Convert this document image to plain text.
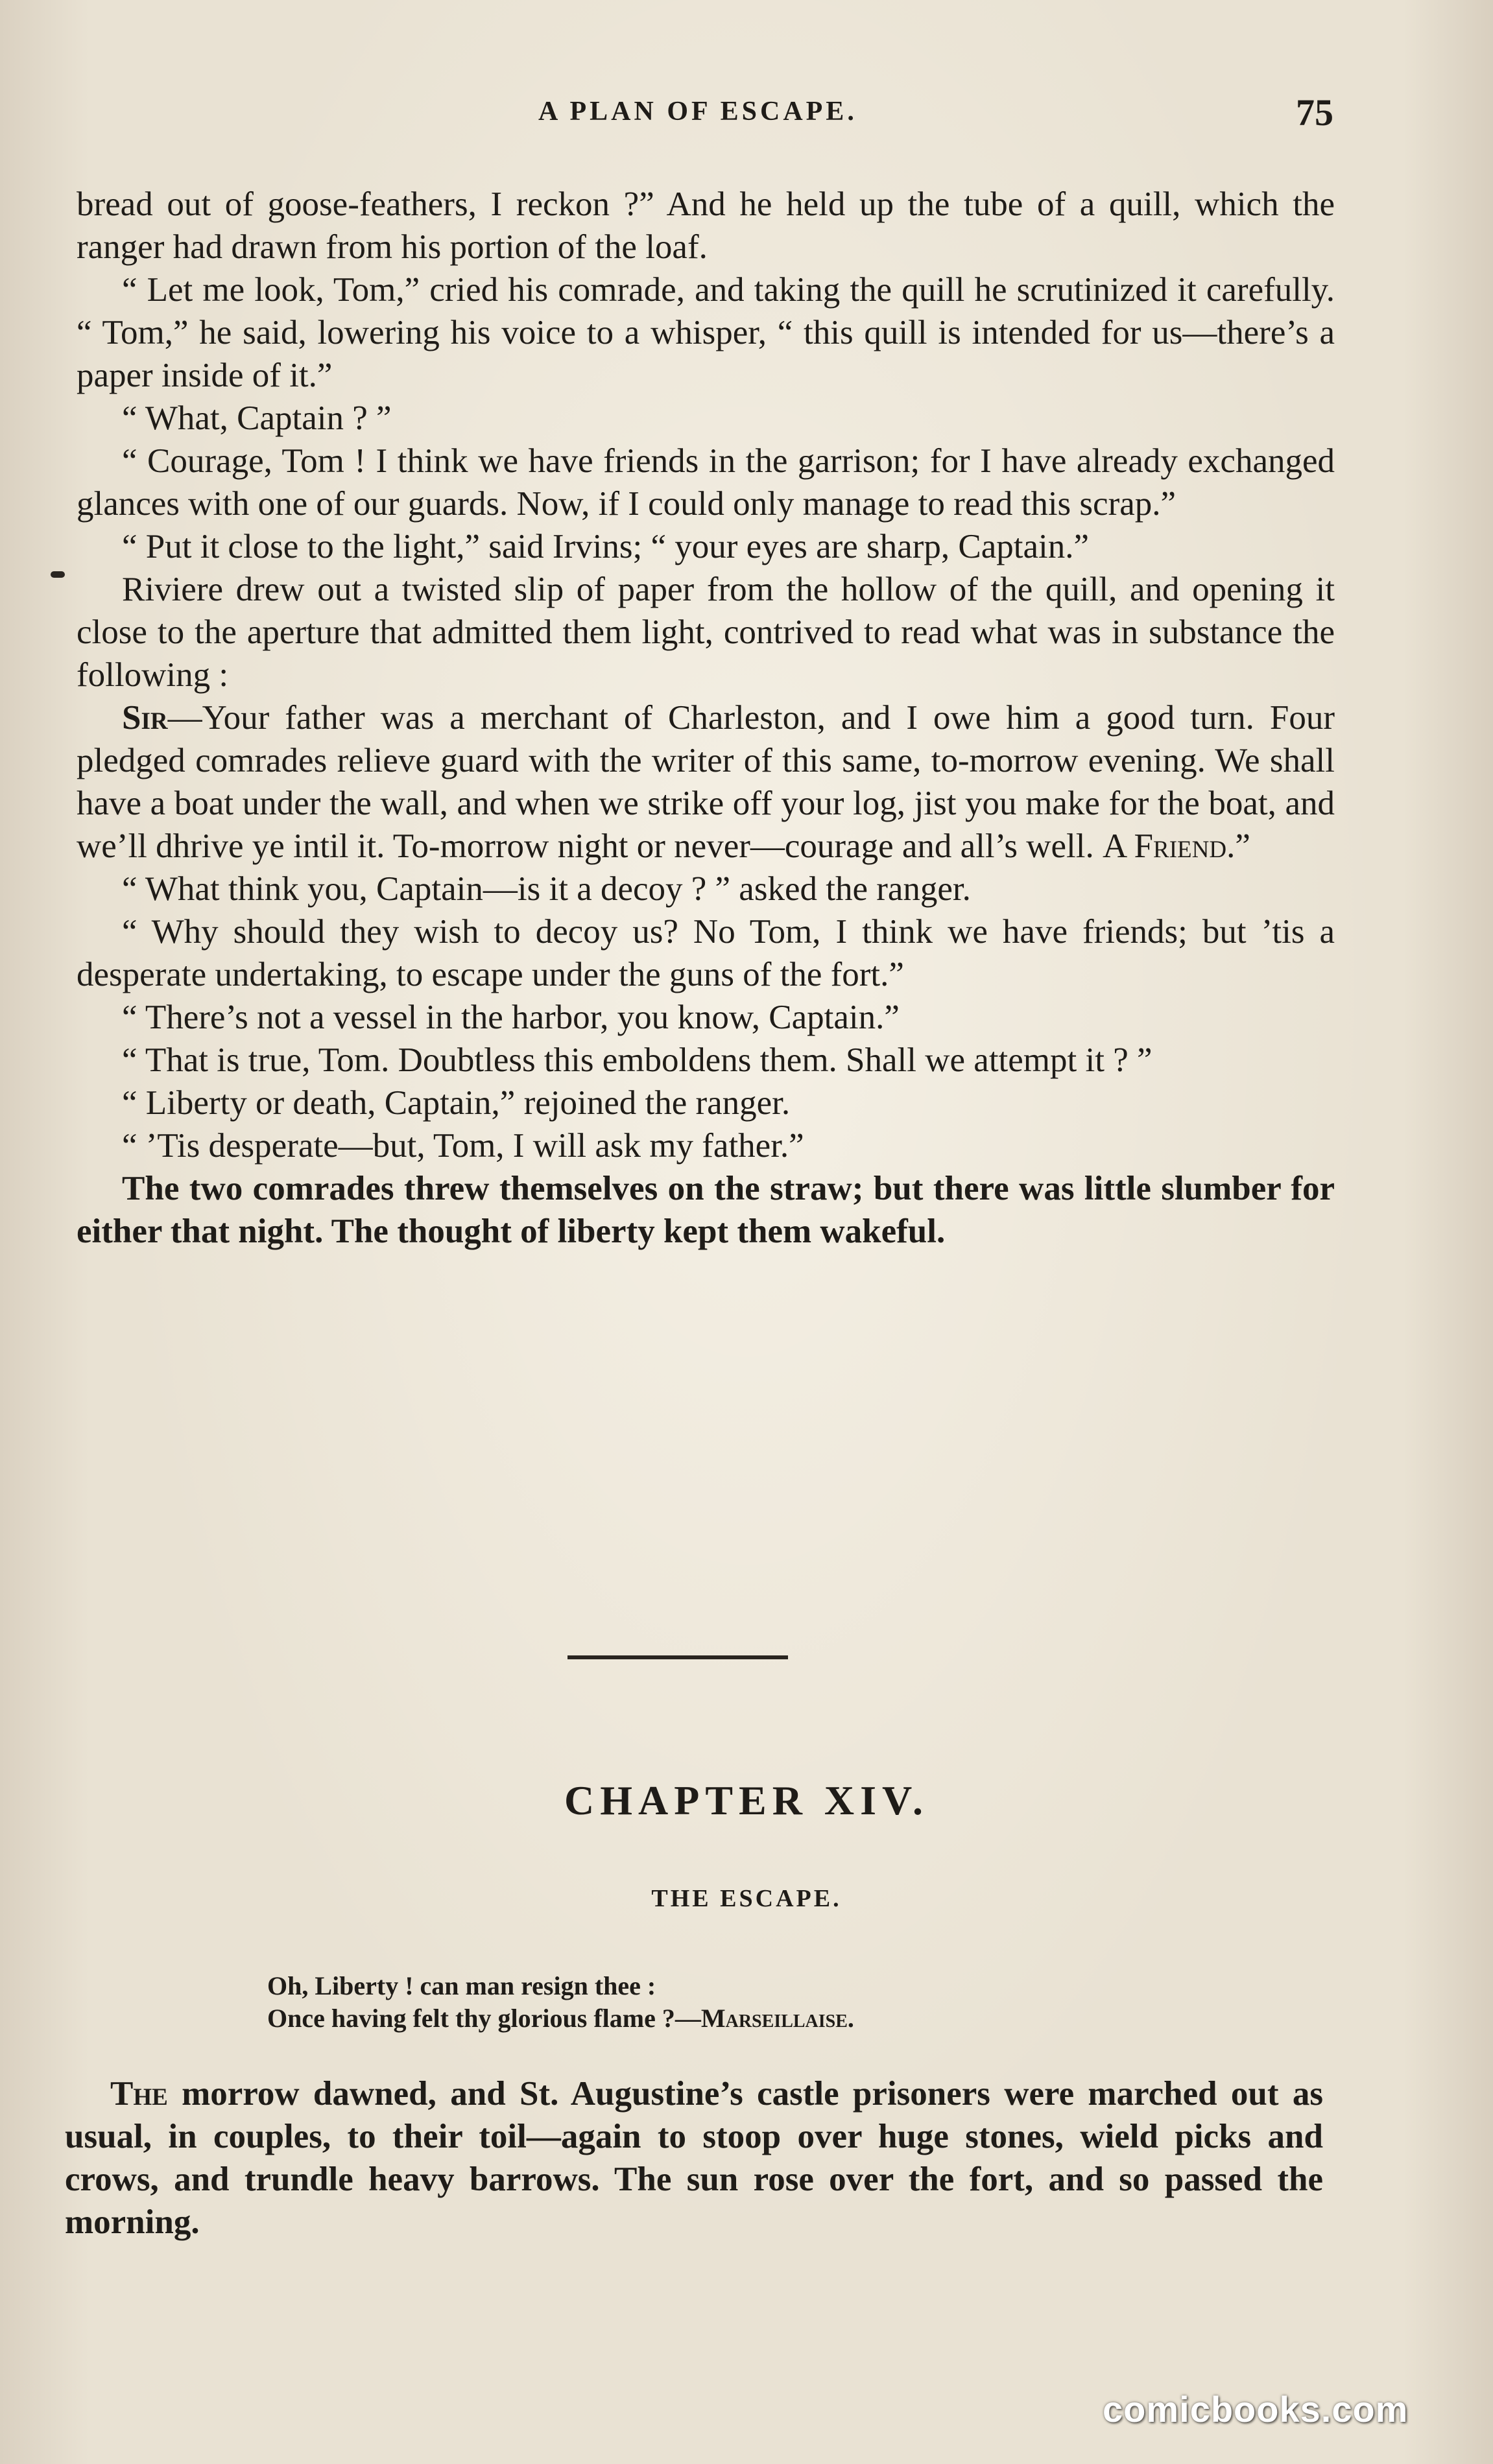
A PLAN OF ESCAPE.	75

bread out of goose-feathers, I reckon ?” And he held up the tube of a quill, which the ranger had drawn from his portion of the loaf.

“ Let me look, Tom,” cried his comrade, and taking the quill he scrutinized it carefully. “ Tom,” he said, lowering his voice to a whisper, “ this quill is intended for us—there’s a paper inside of it.”

“ What, Captain ? ”

“ Courage, Tom ! I think we have friends in the garrison; for I have already exchanged glances with one of our guards. Now, if I could only manage to read this scrap.”

“ Put it close to the light,” said Irvins; “ your eyes are sharp, Captain.”

Riviere drew out a twisted slip of paper from the hollow of the quill, and opening it close to the aperture that admitted them light, contrived to read what was in substance the following :

Sir—Your father was a merchant of Charleston, and I owe him a good turn. Four pledged comrades relieve guard with the writer of this same, to-morrow evening. We shall have a boat under the wall, and when we strike off your log, jist you make for the boat, and we’ll dhrive ye intil it. To-morrow night or never—courage and all’s well. A Friend.”

“ What think you, Captain—is it a decoy ? ” asked the ranger.

“ Why should they wish to decoy us? No Tom, I think we have friends; but ’tis a desperate undertaking, to escape under the guns of the fort.”

“ There’s not a vessel in the harbor, you know, Captain.”

“ That is true, Tom. Doubtless this emboldens them. Shall we attempt it ? ”

“ Liberty or death, Captain,” rejoined the ranger.

“ ’Tis desperate—but, Tom, I will ask my father.”

The two comrades threw themselves on the straw; but there was little slumber for either that night. The thought of liberty kept them wakeful.

CHAPTER XIV.
THE ESCAPE.
Oh, Liberty ! can man resign thee :
Once having felt thy glorious flame ?—Marseillaise.

The morrow dawned, and St. Augustine’s castle prisoners were marched out as usual, in couples, to their toil—again to stoop over huge stones, wield picks and crows, and trundle heavy barrows. The sun rose over the fort, and so passed the morning.

comicbooks.com
